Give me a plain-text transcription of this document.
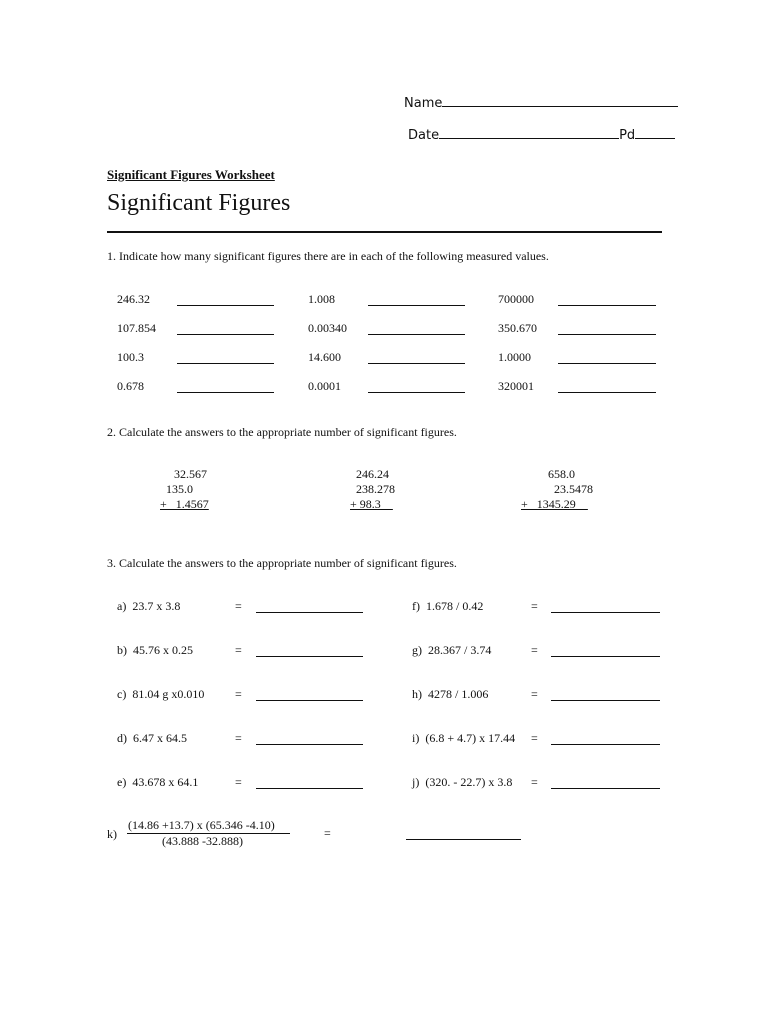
Name
Date	Pd
Significant Figures Worksheet
Significant Figures
1. Indicate how many significant figures there are in each of the following measured values.
246.32	1.008	700000
107.854	0.00340	350.670
100.3	14.600	1.0000
0.678	0.0001	320001
2. Calculate the answers to the appropriate number of significant figures.
32.567
135.0
+   1.4567
246.24
238.278
+ 98.3__
658.0
23.5478
+   1345.29__
3. Calculate the answers to the appropriate number of significant figures.
a)  23.7 x 3.8	=
b)  45.76 x 0.25	=
c)  81.04 g x0.010	=
d)  6.47 x 64.5	=
e)  43.678 x 64.1	=
f)  1.678 / 0.42	=
g)  28.367 / 3.74	=
h)  4278 / 1.006	=
i)  (6.8 + 4.7) x 17.44 =
j)  (320. - 22.7) x 3.8 =
k)
(14.86 +13.7) x (65.346 -4.10)
(43.888 -32.888)
=
